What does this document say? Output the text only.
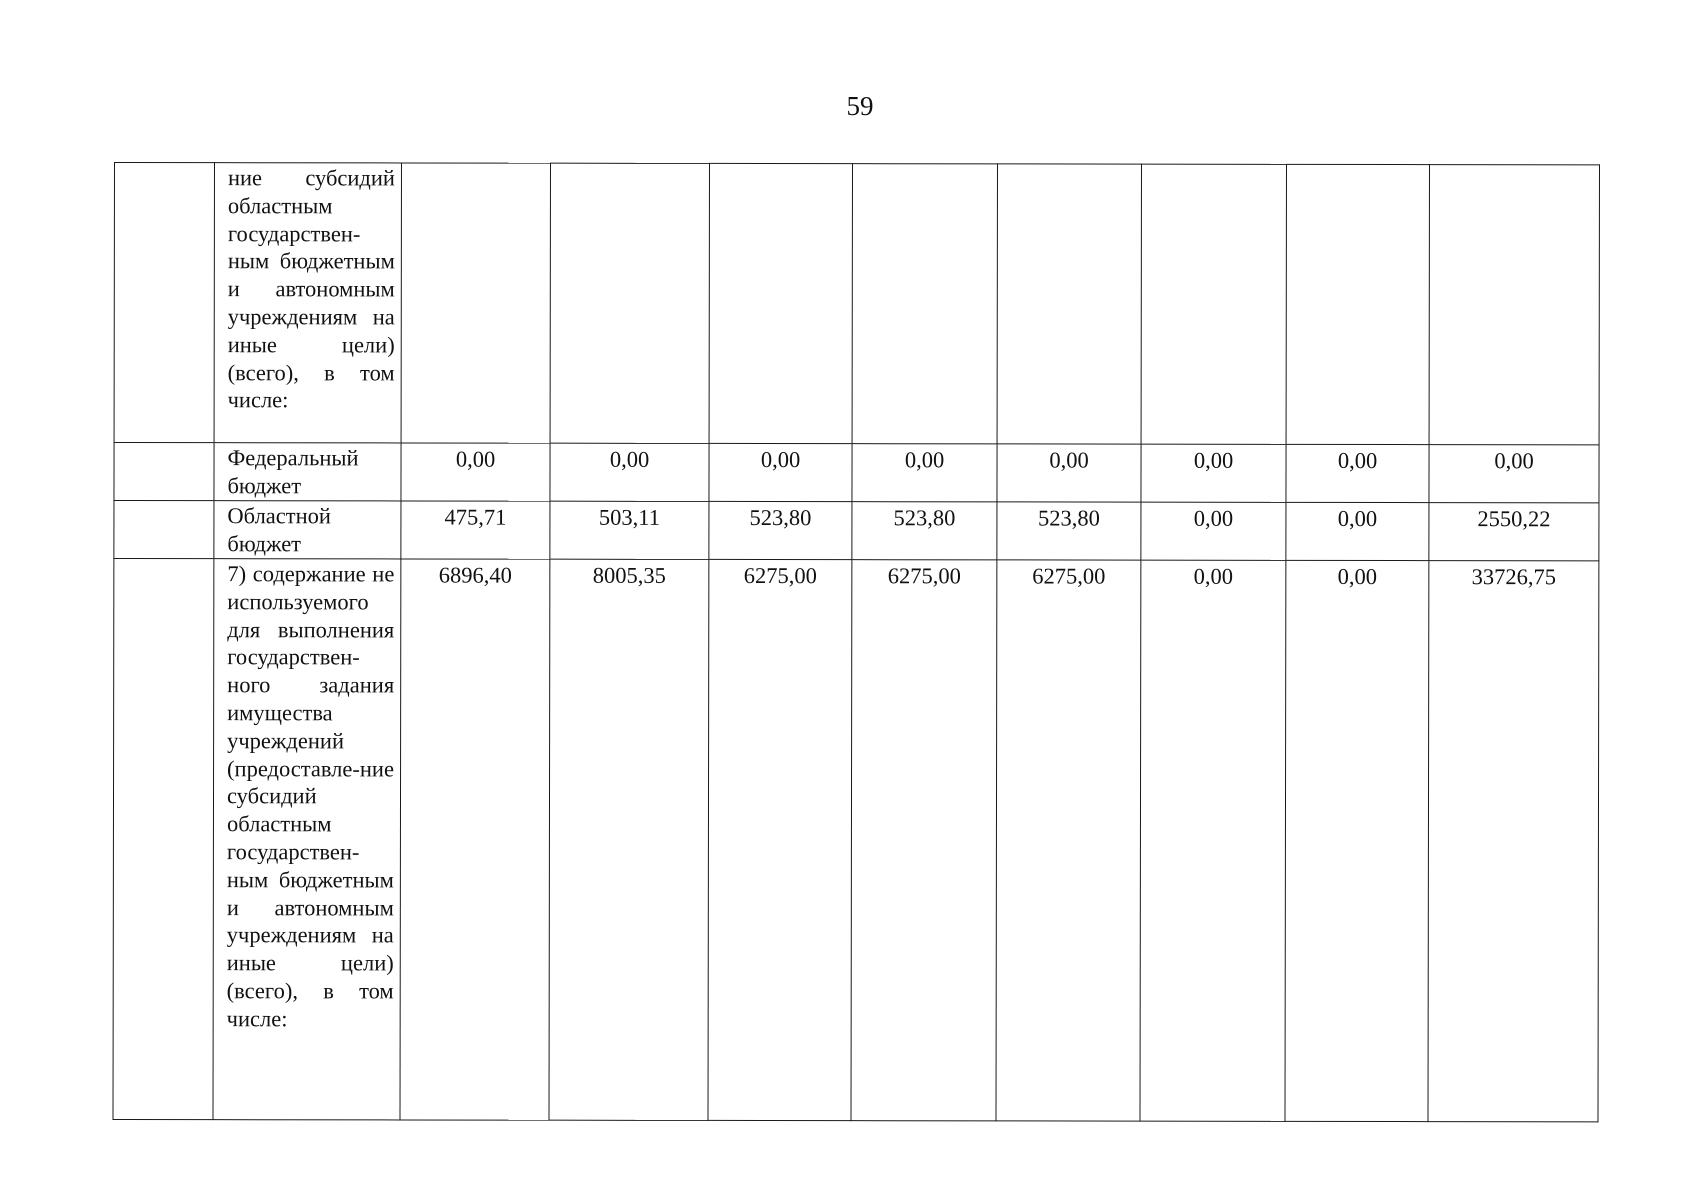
59
	ние субсидий областным государствен-ным бюджетным и автономным учреждениям на иные цели) (всего), в том числе:								
	Федеральный бюджет	0,00	0,00	0,00	0,00	0,00	0,00	0,00	0,00
	Областной бюджет	475,71	503,11	523,80	523,80	523,80	0,00	0,00	2550,22
	7) содержание не используемого для выполнения государствен-ного задания имущества учреждений (предоставле-ние субсидий областным государствен-ным бюджетным и автономным учреждениям на иные цели) (всего), в том числе:	6896,40	8005,35	6275,00	6275,00	6275,00	0,00	0,00	33726,75
